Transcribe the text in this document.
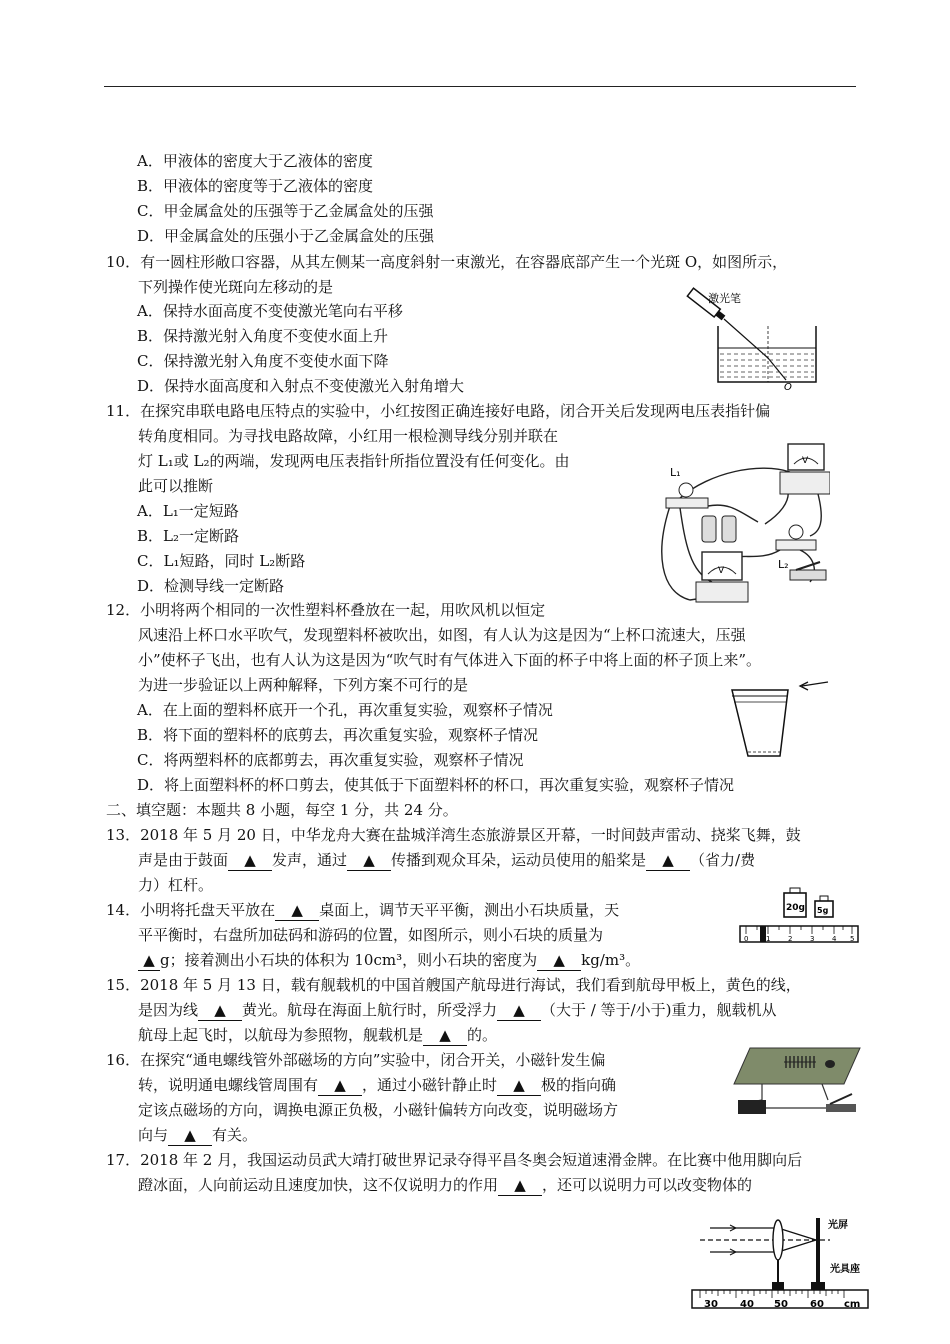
A．甲液体的密度大于乙液体的密度
B．甲液体的密度等于乙液体的密度
C．甲金属盒处的压强等于乙金属盒处的压强
D．甲金属盒处的压强小于乙金属盒处的压强
10．有一圆柱形敞口容器，从其左侧某一高度斜射一束激光，在容器底部产生一个光斑 O，如图所示，
下列操作使光斑向左移动的是
A．保持水面高度不变使激光笔向右平移
B．保持激光射入角度不变使水面上升
C．保持激光射入角度不变使水面下降
D．保持水面高度和入射点不变使激光入射角增大
激光笔
O
11．在探究串联电路电压特点的实验中，小红按图正确连接好电路，闭合开关后发现两电压表指针偏
转角度相同。为寻找电路故障，小红用一根检测导线分别并联在
灯 L₁或 L₂的两端，发现两电压表指针所指位置没有任何变化。由
此可以推断
A．L₁一定短路
B．L₂一定断路
C．L₁短路，同时 L₂断路
D．检测导线一定断路
L₁
V
L₂
V
12．小明将两个相同的一次性塑料杯叠放在一起，用吹风机以恒定
风速沿上杯口水平吹气，发现塑料杯被吹出，如图，有人认为这是因为“上杯口流速大，压强
小”使杯子飞出，也有人认为这是因为“吹气时有气体进入下面的杯子中将上面的杯子顶上来”。
为进一步验证以上两种解释，下列方案不可行的是
A．在上面的塑料杯底开一个孔，再次重复实验，观察杯子情况
B．将下面的塑料杯的底剪去，再次重复实验，观察杯子情况
C．将两塑料杯的底都剪去，再次重复实验，观察杯子情况
D．将上面塑料杯的杯口剪去，使其低于下面塑料杯的杯口，再次重复实验，观察杯子情况
二、填空题：本题共 8 小题，每空 1 分，共 24 分。
13．2018 年 5 月 20 日，中华龙舟大赛在盐城洋湾生态旅游景区开幕，一时间鼓声雷动、挠桨飞舞，鼓
声是由于鼓面 ▲ 发声，通过 ▲ 传播到观众耳朵，运动员使用的船桨是 ▲ （省力/费
力）杠杆。
14．小明将托盘天平放在 ▲ 桌面上，调节天平平衡，测出小石块质量，天
平平衡时，右盘所加砝码和游码的位置，如图所示，则小石块的质量为
▲ g；接着测出小石块的体积为 10cm³，则小石块的密度为 ▲ kg/m³。
20g 5g
0	1	2	3	4 5
15．2018 年 5 月 13 日，载有舰载机的中国首艘国产航母进行海试，我们看到航母甲板上，黄色的线，
是因为线 ▲ 黄光。航母在海面上航行时，所受浮力 ▲ （大于 / 等于/小于)重力，舰载机从
航母上起飞时，以航母为参照物，舰载机是 ▲ 的。
16．在探究“通电螺线管外部磁场的方向”实验中，闭合开关，小磁针发生偏
转，说明通电螺线管周围有 ▲ ，通过小磁针静止时 ▲ 极的指向确
定该点磁场的方向，调换电源正负极，小磁针偏转方向改变，说明磁场方
向与 ▲ 有关。
17．2018 年 2 月，我国运动员武大靖打破世界记录夺得平昌冬奥会短道速滑金牌。在比赛中他用脚向后
蹬冰面，人向前运动且速度加快，这不仅说明力的作用 ▲ ，还可以说明力可以改变物体的
光屏
光具座
30 40 50 60 cm
